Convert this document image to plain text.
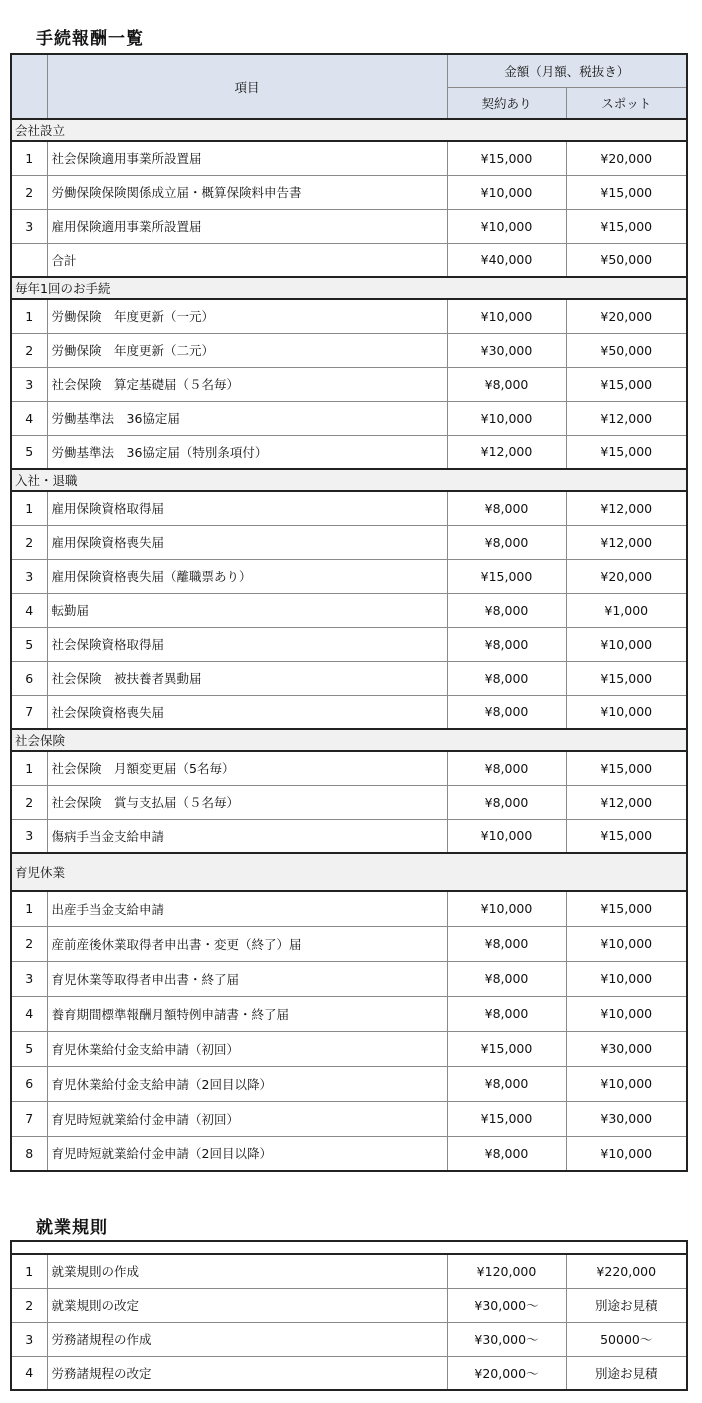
手続報酬一覧
	項目	金額（月額、税抜き）	
		契約あり	スポット
会社設立			
1	社会保険適用事業所設置届	¥15,000	¥20,000
2	労働保険保険関係成立届・概算保険料申告書	¥10,000	¥15,000
3	雇用保険適用事業所設置届	¥10,000	¥15,000
	合計	¥40,000	¥50,000
毎年1回のお手続			
1	労働保険　年度更新（一元）	¥10,000	¥20,000
2	労働保険　年度更新（二元）	¥30,000	¥50,000
3	社会保険　算定基礎届（５名毎）	¥8,000	¥15,000
4	労働基準法　36協定届	¥10,000	¥12,000
5	労働基準法　36協定届（特別条項付）	¥12,000	¥15,000
入社・退職			
1	雇用保険資格取得届	¥8,000	¥12,000
2	雇用保険資格喪失届	¥8,000	¥12,000
3	雇用保険資格喪失届（離職票あり）	¥15,000	¥20,000
4	転勤届	¥8,000	¥1,000
5	社会保険資格取得届	¥8,000	¥10,000
6	社会保険　被扶養者異動届	¥8,000	¥15,000
7	社会保険資格喪失届	¥8,000	¥10,000
社会保険			
1	社会保険　月額変更届（5名毎）	¥8,000	¥15,000
2	社会保険　賞与支払届（５名毎）	¥8,000	¥12,000
3	傷病手当金支給申請	¥10,000	¥15,000
育児休業			
1	出産手当金支給申請	¥10,000	¥15,000
2	産前産後休業取得者申出書・変更（終了）届	¥8,000	¥10,000
3	育児休業等取得者申出書・終了届	¥8,000	¥10,000
4	養育期間標準報酬月額特例申請書・終了届	¥8,000	¥10,000
5	育児休業給付金支給申請（初回）	¥15,000	¥30,000
6	育児休業給付金支給申請（2回目以降）	¥8,000	¥10,000
7	育児時短就業給付金申請（初回）	¥15,000	¥30,000
8	育児時短就業給付金申請（2回目以降）	¥8,000	¥10,000
就業規則

1	就業規則の作成	¥120,000	¥220,000
2	就業規則の改定	¥30,000～	別途お見積
3	労務諸規程の作成	¥30,000～	50000～
4	労務諸規程の改定	¥20,000～	別途お見積
